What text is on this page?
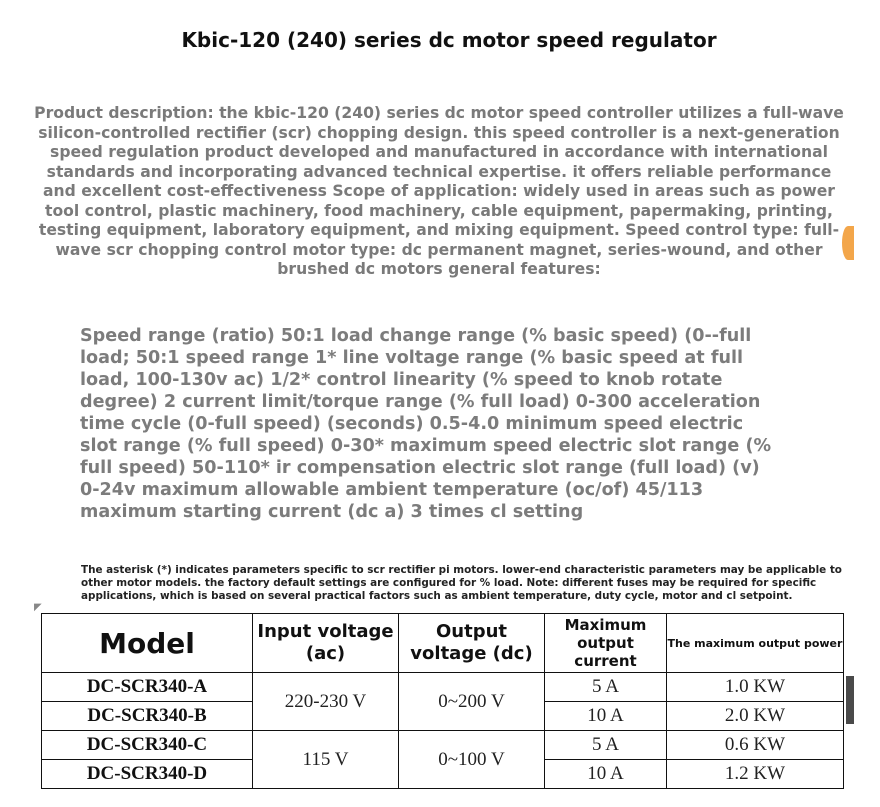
Kbic-120 (240) series dc motor speed regulator
Product description: the kbic-120 (240) series dc motor speed controller utilizes a full-wave silicon-controlled rectifier (scr) chopping design. this speed controller is a next-generation speed regulation product developed and manufactured in accordance with international standards and incorporating advanced technical expertise. it offers reliable performance and excellent cost-effectiveness Scope of application: widely used in areas such as power tool control, plastic machinery, food machinery, cable equipment, papermaking, printing, testing equipment, laboratory equipment, and mixing equipment. Speed control type: full-wave scr chopping control motor type: dc permanent magnet, series-wound, and other brushed dc motors general features:
Speed range (ratio) 50:1 load change range (% basic speed) (0--full load; 50:1 speed range 1* line voltage range (% basic speed at full load, 100-130v ac) 1/2* control linearity (% speed to knob rotate degree) 2 current limit/torque range (% full load) 0-300 acceleration time cycle (0-full speed) (seconds) 0.5-4.0 minimum speed electric slot range (% full speed) 0-30* maximum speed electric slot range (% full speed) 50-110* ir compensation electric slot range (full load) (v) 0-24v maximum allowable ambient temperature (oc/of) 45/113 maximum starting current (dc a) 3 times cl setting
The asterisk (*) indicates parameters specific to scr rectifier pi motors. lower-end characteristic parameters may be applicable to other motor models. the factory default settings are configured for % load. Note: different fuses may be required for specific applications, which is based on several practical factors such as ambient temperature, duty cycle, motor and cl setpoint.
◤
Model	Input voltage (ac)	Output voltage (dc)	Maximum output current	The maximum output power
DC-SCR340-A	220-230 V	0~200 V	5 A	1.0 KW
DC-SCR340-B			10 A	2.0 KW
DC-SCR340-C	115 V	0~100 V	5 A	0.6 KW
DC-SCR340-D			10 A	1.2 KW
